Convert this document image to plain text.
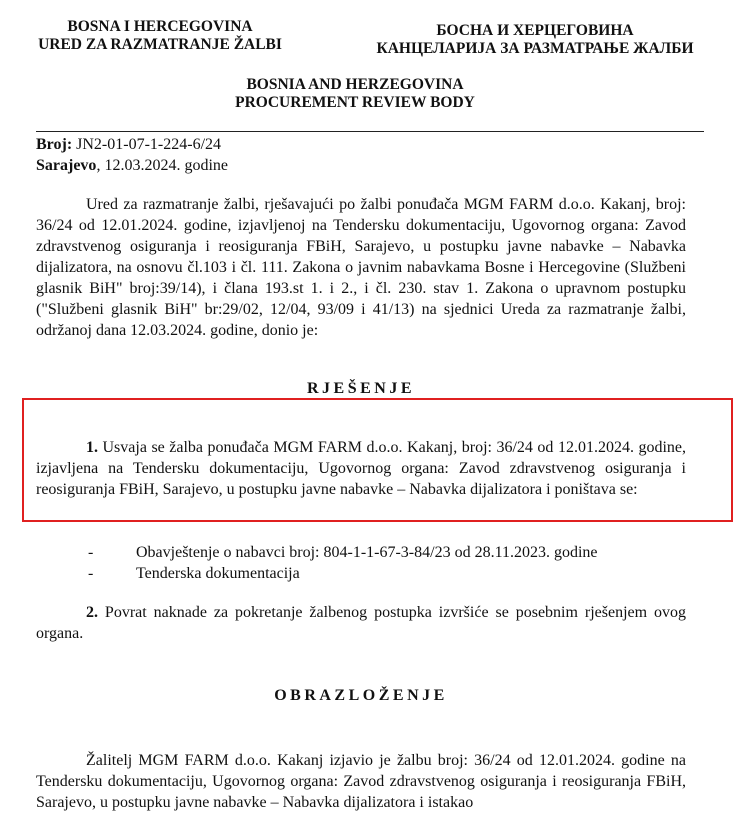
BOSNA I HERCEGOVINA
URED ZA RAZMATRANJE ŽALBI
БОСНА И ХЕРЦЕГОВИНА
КАНЦЕЛАРИЈА ЗА РАЗМАТРАЊЕ ЖАЛБИ
BOSNIA AND HERZEGOVINA
PROCUREMENT REVIEW BODY
Broj: JN2-01-07-1-224-6/24
Sarajevo, 12.03.2024. godine
Ured za razmatranje žalbi, rješavajući po žalbi ponuđača MGM FARM d.o.o. Kakanj, broj: 36/24 od 12.01.2024. godine, izjavljenoj na Tendersku dokumentaciju, Ugovornog organa: Zavod zdravstvenog osiguranja i reosiguranja FBiH, Sarajevo, u postupku javne nabavke – Nabavka dijalizatora, na osnovu čl.103 i čl. 111. Zakona o javnim nabavkama Bosne i Hercegovine (Službeni glasnik BiH" broj:39/14), i člana 193.st 1. i 2., i čl. 230. stav 1. Zakona o upravnom postupku ("Službeni glasnik BiH" br:29/02, 12/04, 93/09 i 41/13) na sjednici Ureda za razmatranje žalbi, održanoj dana 12.03.2024. godine, donio je:
RJEŠENJE
1. Usvaja se žalba ponuđača MGM FARM d.o.o. Kakanj, broj: 36/24 od 12.01.2024. godine, izjavljena na Tendersku dokumentaciju, Ugovornog organa: Zavod zdravstvenog osiguranja i reosiguranja FBiH, Sarajevo, u postupku javne nabavke – Nabavka dijalizatora i poništava se:
-	Obavještenje o nabavci broj: 804-1-1-67-3-84/23 od 28.11.2023. godine
-	Tenderska dokumentacija
2. Povrat naknade za pokretanje žalbenog postupka izvršiće se posebnim rješenjem ovog organa.
OBRAZLOŽENJE
Žalitelj MGM FARM d.o.o. Kakanj izjavio je žalbu broj: 36/24 od 12.01.2024. godine na Tendersku dokumentaciju, Ugovornog organa: Zavod zdravstvenog osiguranja i reosiguranja FBiH, Sarajevo, u postupku javne nabavke – Nabavka dijalizatora i istakao
